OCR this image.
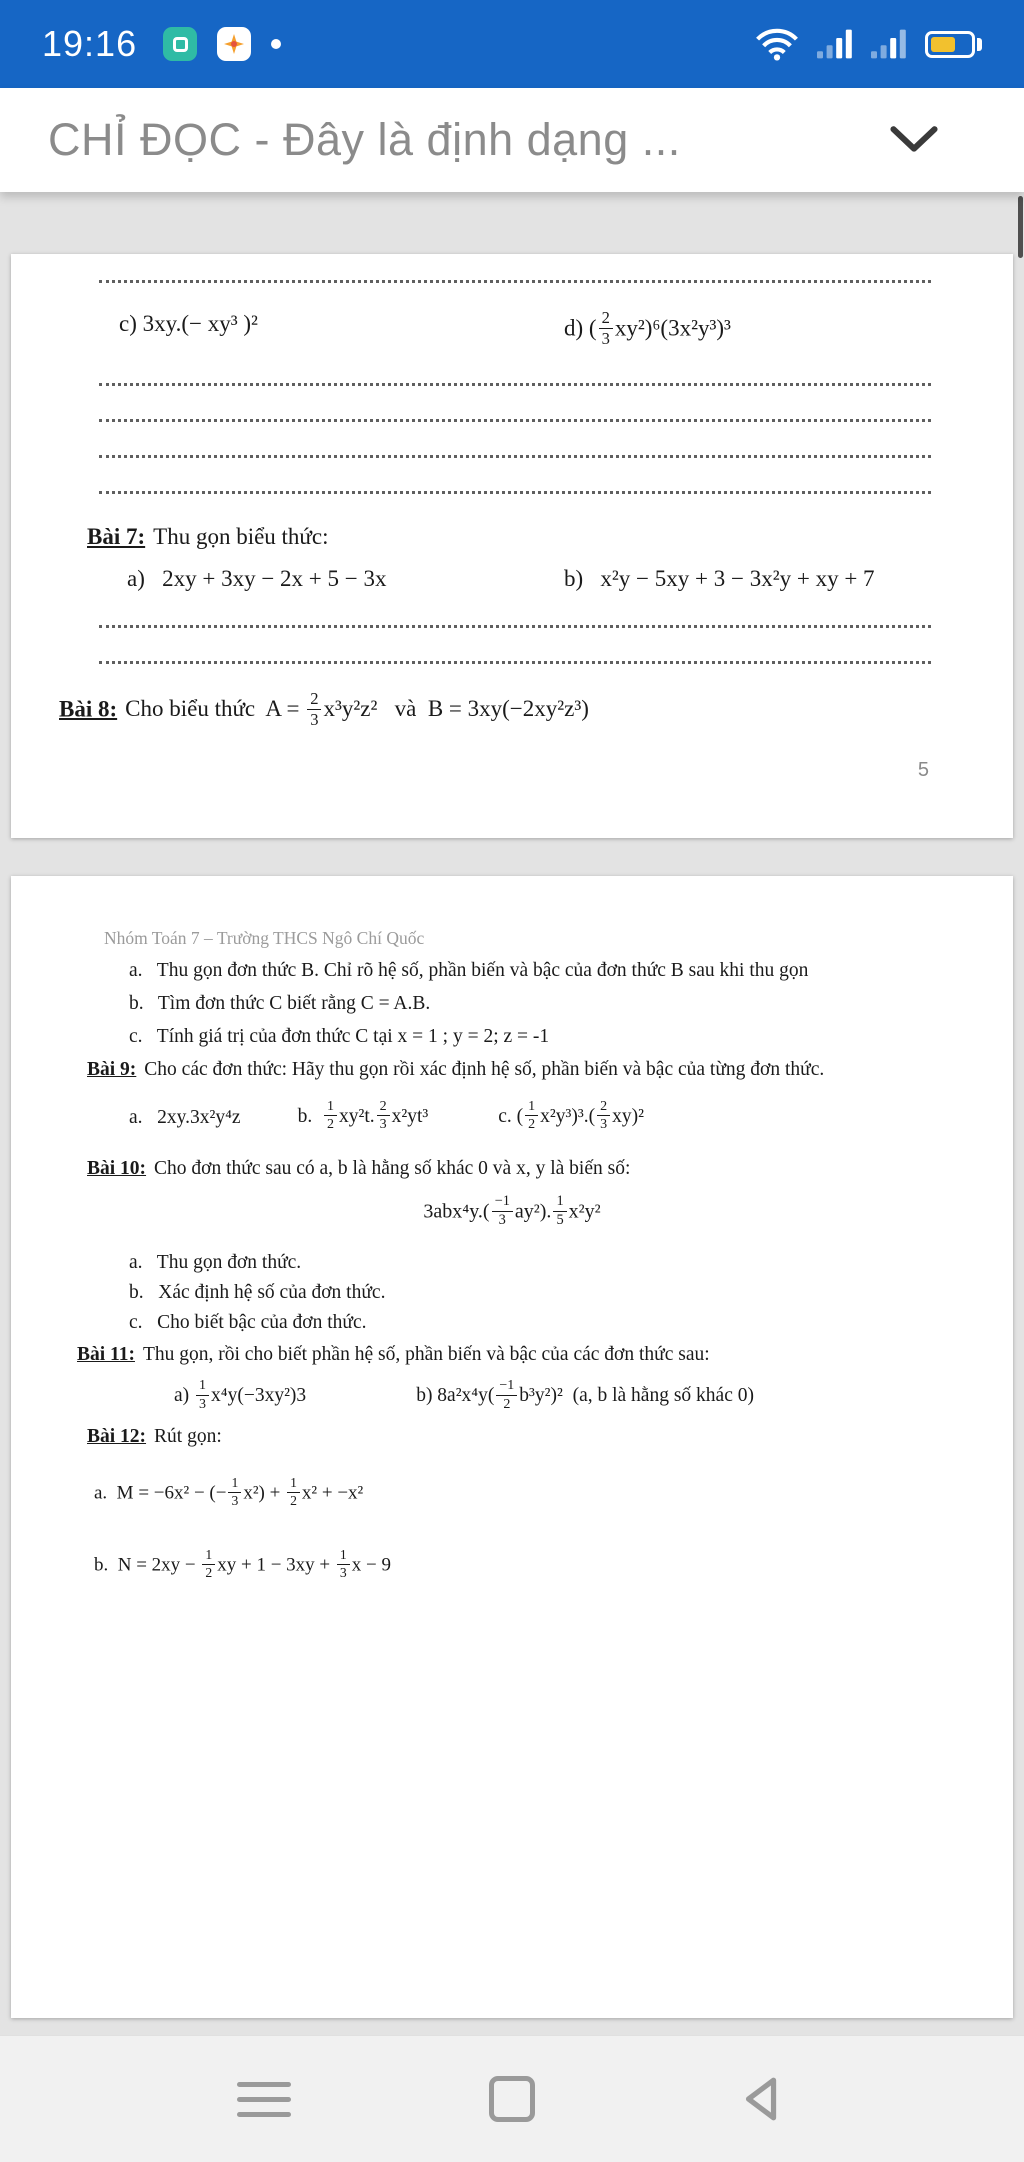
19:16
CHỈ ĐỌC - Đây là định dạng ...
c) 3xy.(− xy³ )²	d) ( $\frac{2}{3} xy^2)^6(3x^2y^3)^3$

Bài 7: Thu gọn biểu thức:

a)   2xy + 3xy − 2x + 5 − 3x	b)   x²y − 5xy + 3 − 3x²y + xy + 7

Bài 8: Cho biểu thức  $A = \frac{2}{3} x^3y^2z^2$   và  B = 3xy(−2xy²z³)

5

Nhóm Toán 7 – Trường THCS Ngô Chí Quốc

a.   Thu gọn đơn thức B. Chỉ rõ hệ số, phần biến và bậc của đơn thức B sau khi thu gọn

b.   Tìm đơn thức C biết rằng C = A.B.

c.   Tính giá trị của đơn thức C tại x = 1 ; y = 2; z = -1

Bài 9: Cho các đơn thức: Hãy thu gọn rồi xác định hệ số, phần biến và bậc của từng đơn thức.

a.   2xy.3x²y⁴z	b. $\frac{1}{2} xy^2t$. $\frac{2}{3} x^2yt^3$	c. ( $\frac{1}{2} x^2y^3)^3.( \frac{2}{3} xy)^2$

Bài 10: Cho đơn thức sau có a, b là hằng số khác 0 và x, y là biến số:

$3abx^4y.( \frac{-1}{3} ay^2)$. $\frac{1}{5} x^2y^2$

a.   Thu gọn đơn thức.

b.   Xác định hệ số của đơn thức.

c.   Cho biết bậc của đơn thức.

Bài 11: Thu gọn, rồi cho biết phần hệ số, phần biến và bậc của các đơn thức sau:

$a) \frac{1}{3} x^4y(-3xy^2)3$	b) $8a^2x^4y( \frac{-1}{2} b^3y^2)^2$  (a, b là hằng số khác 0)

Bài 12: Rút gọn:

a.  M = −6x² − (− $\frac{1}{3} x^2) + \frac{1}{2} x^2 + -x^2$

b.  $N = 2xy - \frac{1}{2}$ xy + $1 - 3xy + \frac{1}{3}$ x − 9
